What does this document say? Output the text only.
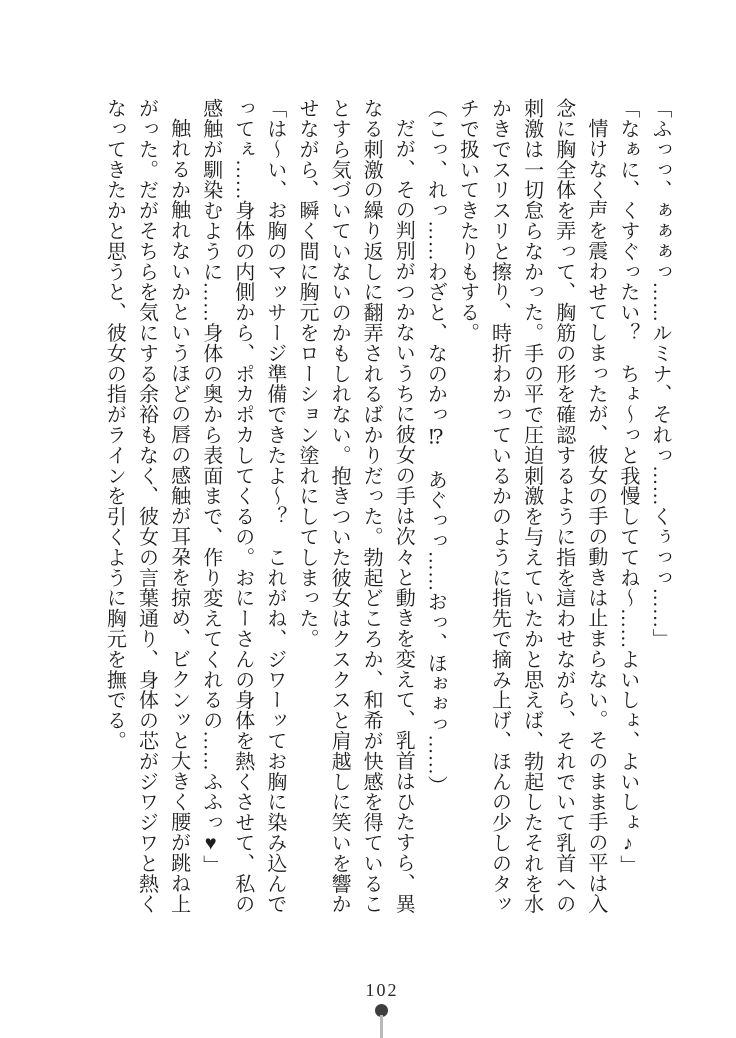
「ふっっ、ぁぁぁっ……ルミナ、それっ……くぅっっ……」

「なぁに、くすぐったい？　ちょ～っと我慢しててね～……よいしょ、よいしょ♪」

情けなく声を震わせてしまったが、彼女の手の動きは止まらない。そのまま手の平は入念に胸全体を弄って、胸筋の形を確認するように指を這わせながら、それでいて乳首への刺激は一切怠らなかった。手の平で圧迫刺激を与えていたかと思えば、勃起したそれを水かきでスリスリと擦り、時折わかっているかのように指先で摘み上げ、ほんの少しのタッチで扱いてきたりもする。

（こっ、れっ……わざと、なのかっ⁉　あぐっっ……おっ、ほぉぉっ……）

だが、その判別がつかないうちに彼女の手は次々と動きを変えて、乳首はひたすら、異なる刺激の繰り返しに翻弄されるばかりだった。勃起どころか、和希が快感を得ていることすら気づいていないのかもしれない。抱きついた彼女はクスクスと肩越しに笑いを響かせながら、瞬く間に胸元をローション塗れにしてしまった。

「は～い、お胸のマッサージ準備できたよ～？　これがね、ジワーッてお胸に染み込んでってぇ……身体の内側から、ポカポカしてくるの。おにーさんの身体を熱くさせて、私の感触が馴染むように……身体の奥から表面まで、作り変えてくれるの……ふふっ♥」

触れるか触れないかというほどの唇の感触が耳朶を掠め、ビクンッと大きく腰が跳ね上がった。だがそちらを気にする余裕もなく、彼女の言葉通り、身体の芯がジワジワと熱くなってきたかと思うと、彼女の指がラインを引くように胸元を撫でる。

102
